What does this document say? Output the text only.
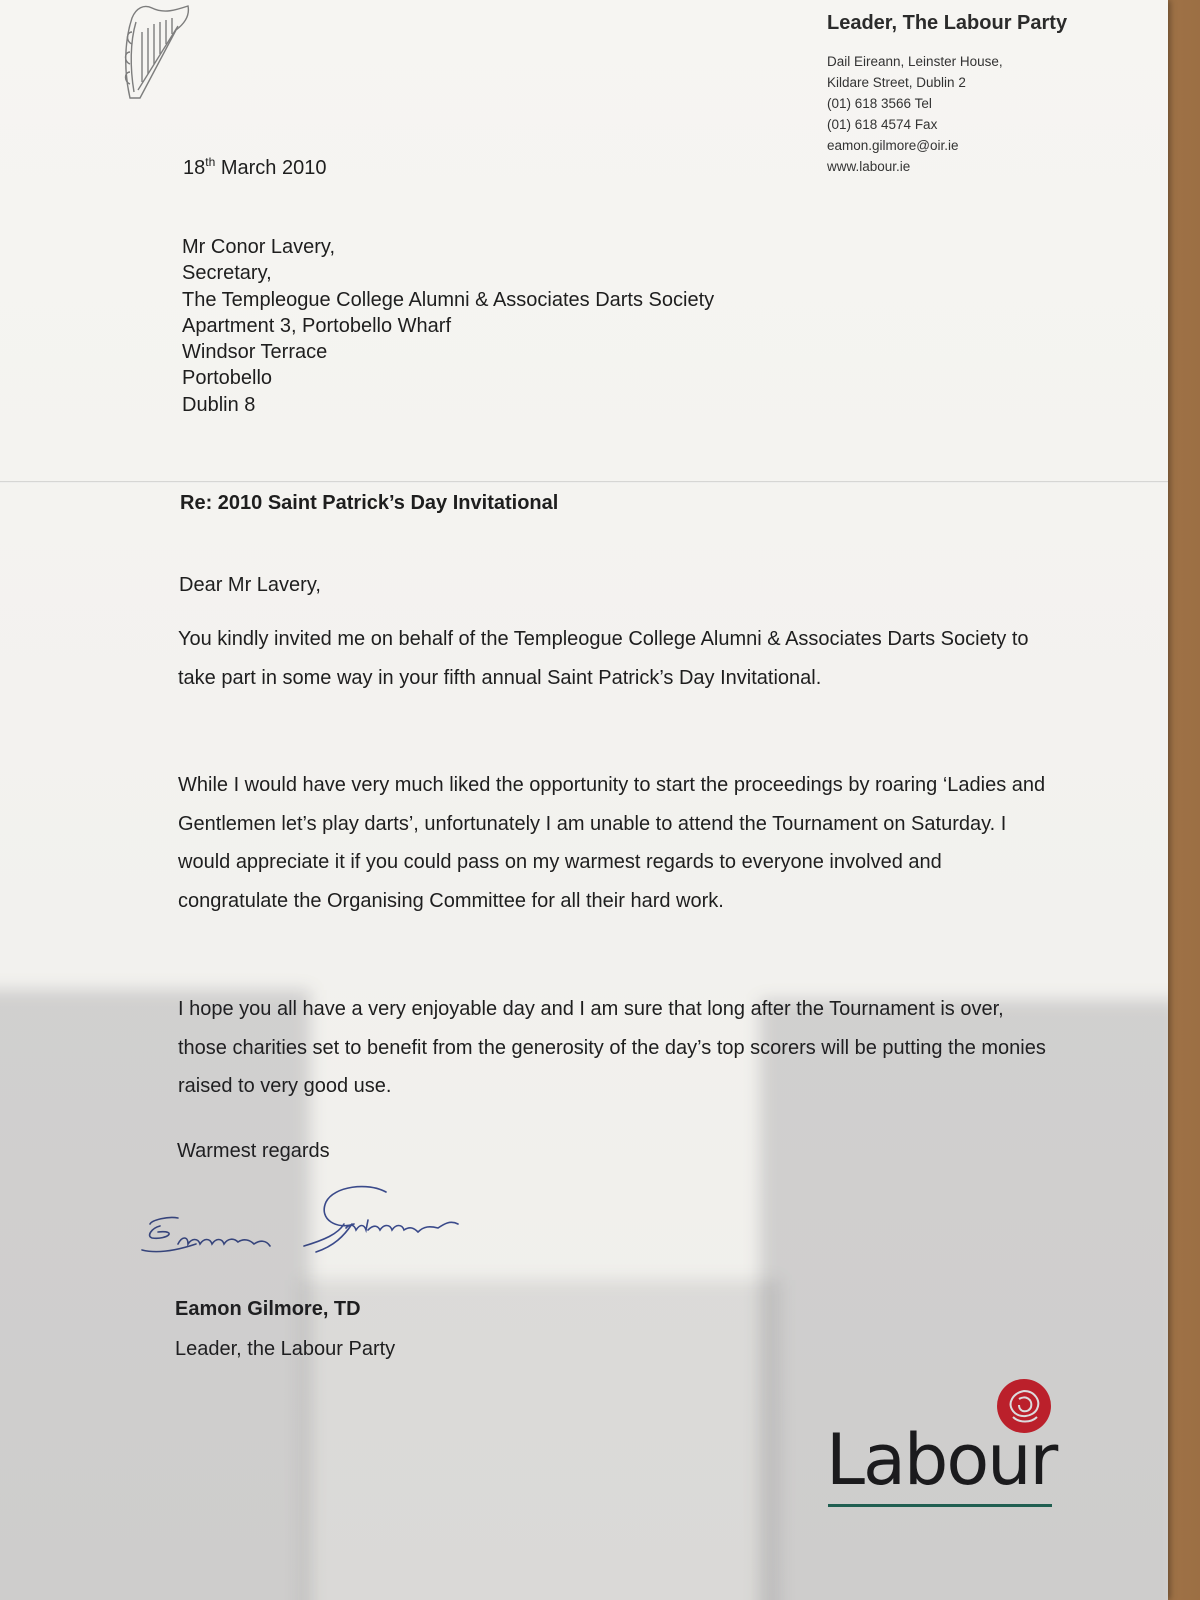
Leader, The Labour Party
Dail Eireann, Leinster House,
Kildare Street, Dublin 2
(01) 618 3566 Tel
(01) 618 4574 Fax
eamon.gilmore@oir.ie
www.labour.ie
18th March 2010
Mr Conor Lavery,
Secretary,
The Templeogue College Alumni & Associates Darts Society
Apartment 3, Portobello Wharf
Windsor Terrace
Portobello
Dublin 8
Re: 2010 Saint Patrick’s Day Invitational
Dear Mr Lavery,
You kindly invited me on behalf of the Templeogue College Alumni & Associates Darts Society to take part in some way in your fifth annual Saint Patrick’s Day Invitational.
While I would have very much liked the opportunity to start the proceedings by roaring ‘Ladies and Gentlemen let’s play darts’, unfortunately I am unable to attend the Tournament on Saturday. I would appreciate it if you could pass on my warmest regards to everyone involved and congratulate the Organising Committee for all their hard work.
I hope you all have a very enjoyable day and I am sure that long after the Tournament is over, those charities set to benefit from the generosity of the day’s top scorers will be putting the monies raised to very good use.
Warmest regards
Eamon Gilmore, TD
Leader, the Labour Party
Labour
